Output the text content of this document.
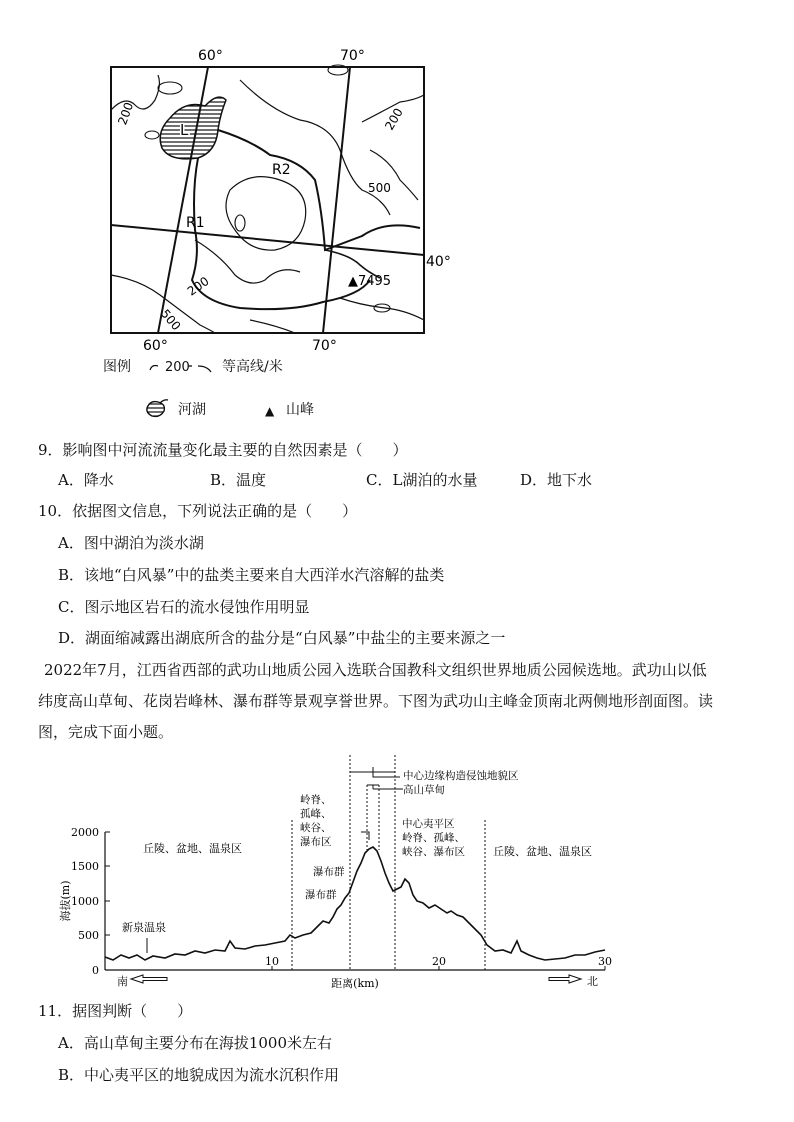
60°	70°
60°	70°
40°
200	200
500
200
500
L
R1
R2
▲7495
图例	200 等高线/米
河湖	▲ 山峰
9．影响图中河流流量变化最主要的自然因素是（　　）
A．降水	B．温度	C．L湖泊的水量	D．地下水
10．依据图文信息，下列说法正确的是（　　）
A．图中湖泊为淡水湖
B．该地“白风暴”中的盐类主要来自大西洋水汽溶解的盐类
C．图示地区岩石的流水侵蚀作用明显
D．湖面缩减露出湖底所含的盐分是“白风暴”中盐尘的主要来源之一
2022年7月，江西省西部的武功山地质公园入选联合国教科文组织世界地质公园候选地。武功山以低
纬度高山草甸、花岗岩峰林、瀑布群等景观享誉世界。下图为武功山主峰金顶南北两侧地形剖面图。读
图，完成下面小题。
2000
1500
1000
500
0
10	20	30
海拔(m)
距离(km)
南	北
丘陵、盆地、温泉区	丘陵、盆地、温泉区
岭脊、
孤峰、
峡谷、
瀑布区	岭脊、孤峰、
峡谷、瀑布区
中心夷平区
高山草甸
中心边缘构造侵蚀地貌区
瀑布群
瀑布群
新泉温泉
11．据图判断（　　）
A．高山草甸主要分布在海拔1000米左右
B．中心夷平区的地貌成因为流水沉积作用
